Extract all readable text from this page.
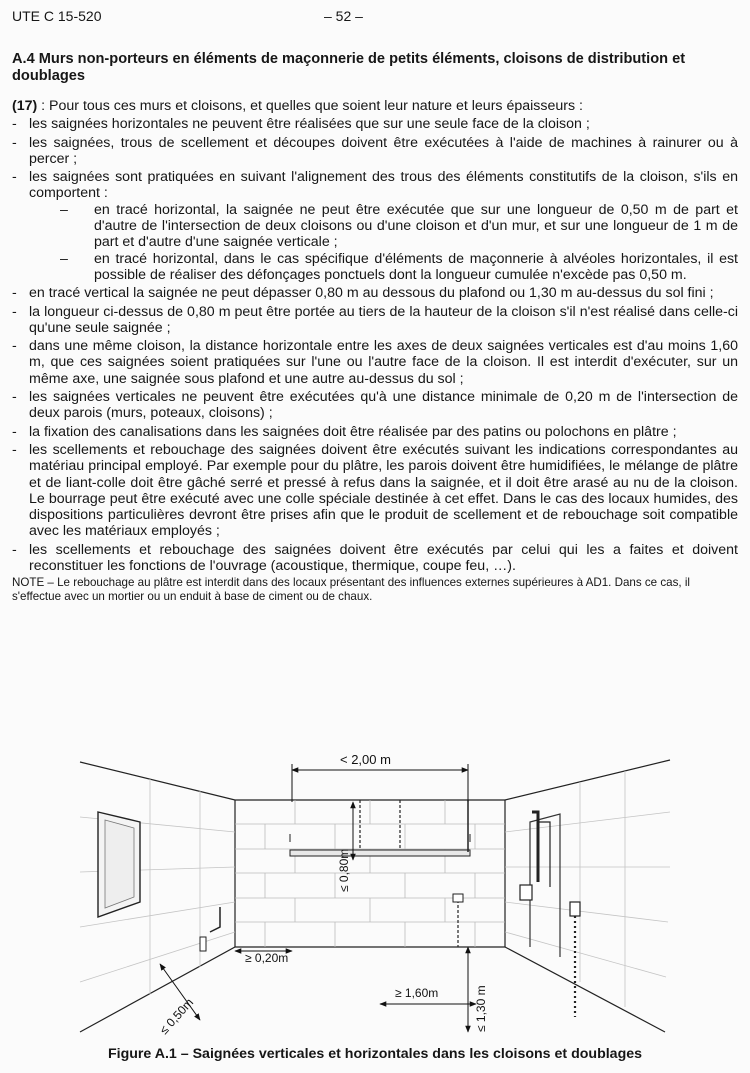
UTE C 15-520	– 52 –
A.4 Murs non-porteurs en éléments de maçonnerie de petits éléments, cloisons de distribution et doublages

(17) : Pour tous ces murs et cloisons, et quelles que soient leur nature et leurs épaisseurs :

- les saignées horizontales ne peuvent être réalisées que sur une seule face de la cloison ;

- les saignées, trous de scellement et découpes doivent être exécutées à l'aide de machines à rainurer ou à percer ;

- les saignées sont pratiquées en suivant l'alignement des trous des éléments constitutifs de la cloison, s'ils en comportent :

– en tracé horizontal, la saignée ne peut être exécutée que sur une longueur de 0,50 m de part et d'autre de l'intersection de deux cloisons ou d'une cloison et d'un mur, et sur une longueur de 1 m de part et d'autre d'une saignée verticale ;

– en tracé horizontal, dans le cas spécifique d'éléments de maçonnerie à alvéoles horizontales, il est possible de réaliser des défonçages ponctuels dont la longueur cumulée n'excède pas 0,50 m.

- en tracé vertical la saignée ne peut dépasser 0,80 m au dessous du plafond ou 1,30 m au-dessus du sol fini ;

- la longueur ci-dessus de 0,80 m peut être portée au tiers de la hauteur de la cloison s'il n'est réalisé dans celle-ci qu'une seule saignée ;

- dans une même cloison, la distance horizontale entre les axes de deux saignées verticales est d'au moins 1,60 m, que ces saignées soient pratiquées sur l'une ou l'autre face de la cloison. Il est interdit d'exécuter, sur un même axe, une saignée sous plafond et une autre au-dessus du sol ;

- les saignées verticales ne peuvent être exécutées qu'à une distance minimale de 0,20 m de l'intersection de deux parois (murs, poteaux, cloisons) ;

- la fixation des canalisations dans les saignées doit être réalisée par des patins ou polochons en plâtre ;

- les scellements et rebouchage des saignées doivent être exécutés suivant les indications correspondantes au matériau principal employé. Par exemple pour du plâtre, les parois doivent être humidifiées, le mélange de plâtre et de liant-colle doit être gâché serré et pressé à refus dans la saignée, et il doit être arasé au nu de la cloison. Le bourrage peut être exécuté avec une colle spéciale destinée à cet effet. Dans le cas des locaux humides, des dispositions particulières devront être prises afin que le produit de scellement et de rebouchage soit compatible avec les matériaux employés ;

- les scellements et rebouchage des saignées doivent être exécutés par celui qui les a faites et doivent reconstituer les fonctions de l'ouvrage (acoustique, thermique, coupe feu, …).

NOTE – Le rebouchage au plâtre est interdit dans des locaux présentant des influences externes supérieures à AD1. Dans ce cas, il s'effectue avec un mortier ou un enduit à base de ciment ou de chaux.

< 2,00 m
≤ 0,80m
≥ 0,20m
≤ 0,50m
≥ 1,60m	≤ 1,30 m
Figure A.1 – Saignées verticales et horizontales dans les cloisons et doublages
